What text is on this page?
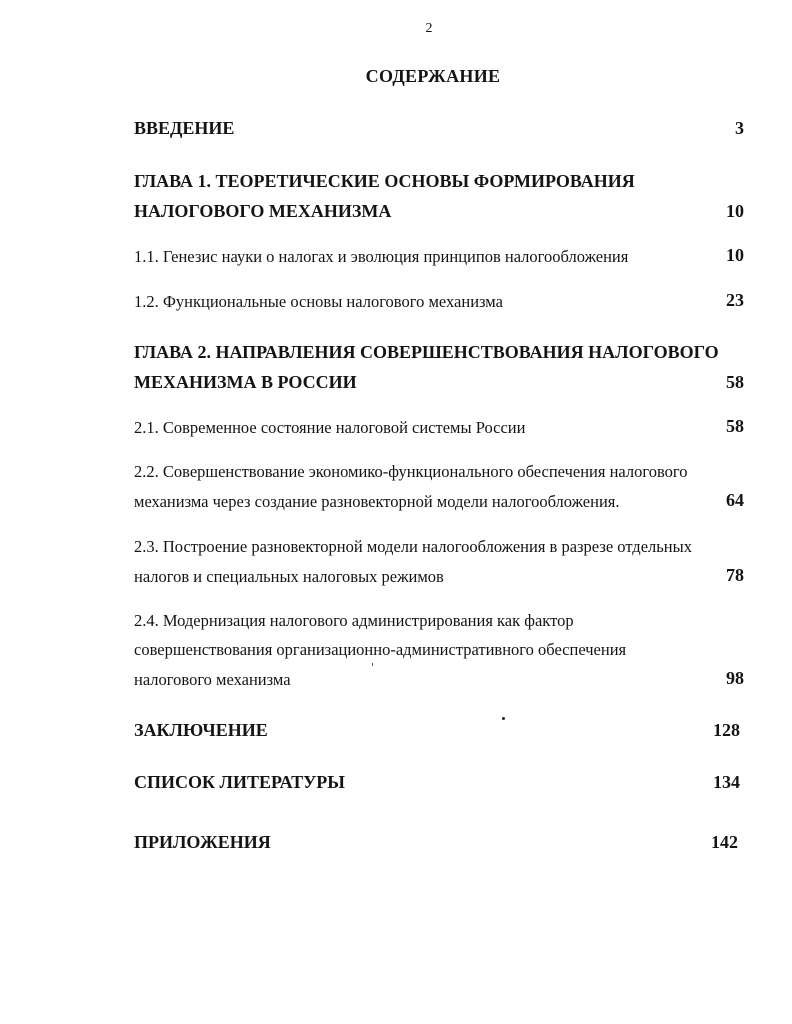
2
СОДЕРЖАНИЕ
ВВЕДЕНИЕ	3
ГЛАВА 1. ТЕОРЕТИЧЕСКИЕ ОСНОВЫ ФОРМИРОВАНИЯ
НАЛОГОВОГО МЕХАНИЗМА	10
1.1. Генезис науки о налогах и эволюция принципов налогообложения	10
1.2. Функциональные основы налогового механизма	23
ГЛАВА 2. НАПРАВЛЕНИЯ СОВЕРШЕНСТВОВАНИЯ НАЛОГОВОГО
МЕХАНИЗМА В РОССИИ	58
2.1. Современное состояние налоговой системы России	58
2.2. Совершенствование экономико-функционального обеспечения налогового
механизма через создание разновекторной модели налогообложения.	64
2.3. Построение разновекторной модели налогообложения в разрезе отдельных
налогов и специальных налоговых режимов	78
2.4. Модернизация налогового администрирования как фактор
совершенствования организационно-административного обеспечения
налогового механизма	98
ЗАКЛЮЧЕНИЕ	128
СПИСОК ЛИТЕРАТУРЫ	134
ПРИЛОЖЕНИЯ	142
